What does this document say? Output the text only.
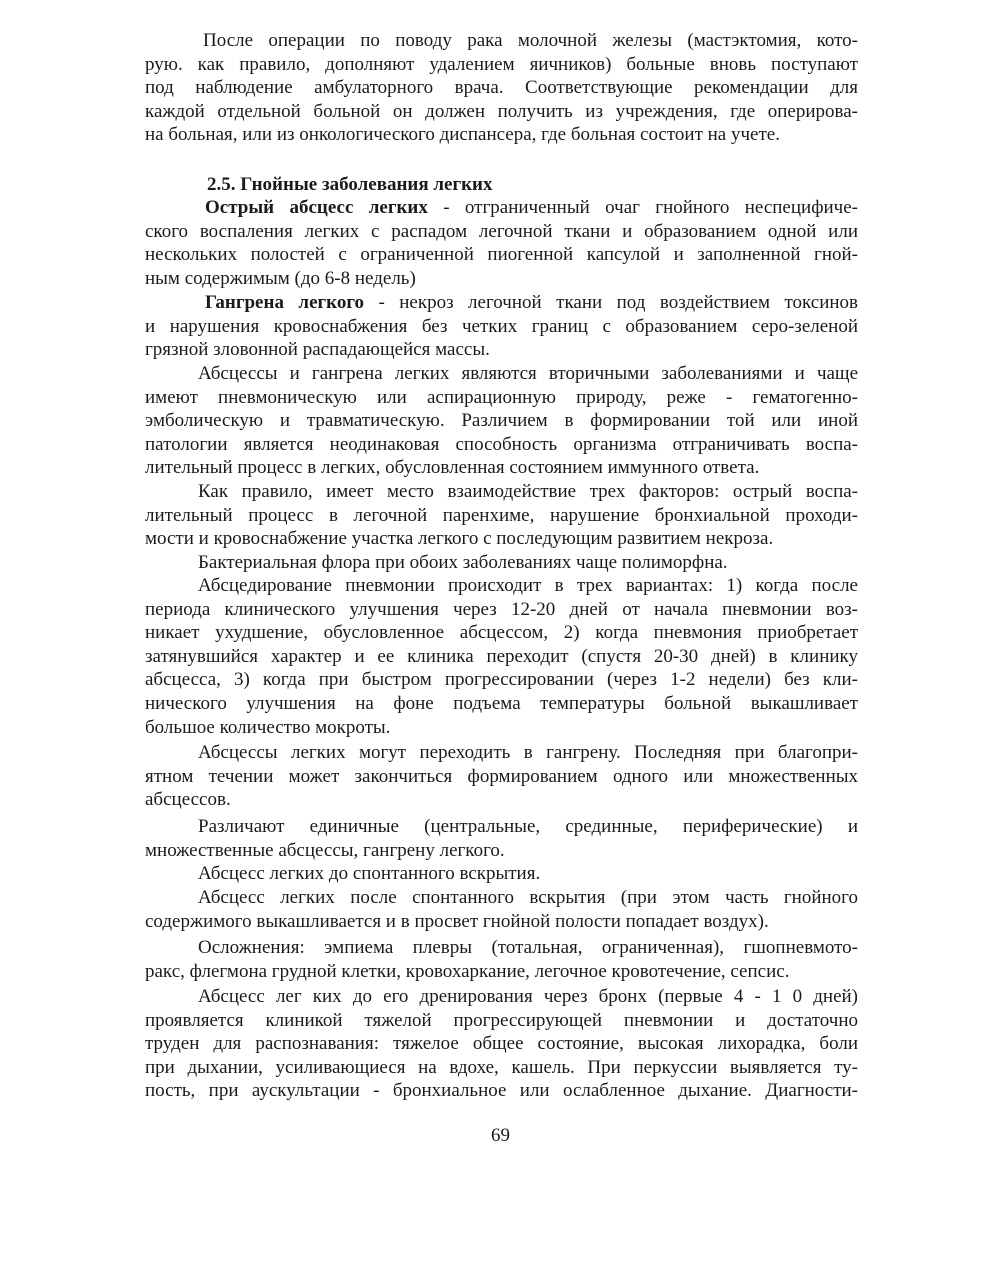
После операции по поводу рака молочной железы (мастэктомия, кото-
рую. как правило, дополняют удалением яичников) больные вновь поступают
под наблюдение амбулаторного врача. Соответствующие рекомендации для
каждой отдельной больной он должен получить из учреждения, где оперирова-
на больная, или из онкологического диспансера, где больная состоит на учете.
2.5. Гнойные заболевания легких
Острый абсцесс легких - отграниченный очаг гнойного неспецифиче-
ского воспаления легких с распадом легочной ткани и образованием одной или
нескольких полостей с ограниченной пиогенной капсулой и заполненной гной-
ным содержимым (до 6-8 недель)
Гангрена легкого - некроз легочной ткани под воздействием токсинов
и нарушения кровоснабжения без четких границ с образованием серо-зеленой
грязной зловонной распадающейся массы.
Абсцессы и гангрена легких являются вторичными заболеваниями и чаще
имеют пневмоническую или аспирационную природу, реже - гематогенно-
эмболическую и травматическую. Различием в формировании той или иной
патологии является неодинаковая способность организма отграничивать воспа-
лительный процесс в легких, обусловленная состоянием иммунного ответа.
Как правило, имеет место взаимодействие трех факторов: острый воспа-
лительный процесс в легочной паренхиме, нарушение бронхиальной проходи-
мости и кровоснабжение участка легкого с последующим развитием некроза.
Бактериальная флора при обоих заболеваниях чаще полиморфна.
Абсцедирование пневмонии происходит в трех вариантах: 1) когда после
периода клинического улучшения через 12-20 дней от начала пневмонии воз-
никает ухудшение, обусловленное абсцессом, 2) когда пневмония приобретает
затянувшийся характер и ее клиника переходит (спустя 20-30 дней) в клинику
абсцесса, 3) когда при быстром прогрессировании (через 1-2 недели) без кли-
нического улучшения на фоне подъема температуры больной выкашливает
большое количество мокроты.
Абсцессы легких могут переходить в гангрену. Последняя при благопри-
ятном течении может закончиться формированием одного или множественных
абсцессов.
Различают единичные (центральные, срединные, периферические) и
множественные абсцессы, гангрену легкого.
Абсцесс легких до спонтанного вскрытия.
Абсцесс легких после спонтанного вскрытия (при этом часть гнойного
содержимого выкашливается и в просвет гнойной полости попадает воздух).
Осложнения: эмпиема плевры (тотальная, ограниченная), гшопневмото-
ракс, флегмона грудной клетки, кровохаркание, легочное кровотечение, сепсис.
Абсцесс лег ких до его дренирования через бронх (первые 4 - 1 0 дней)
проявляется клиникой тяжелой прогрессирующей пневмонии и достаточно
труден для распознавания: тяжелое общее состояние, высокая лихорадка, боли
при дыхании, усиливающиеся на вдохе, кашель. При перкуссии выявляется ту-
пость, при аускультации - бронхиальное или ослабленное дыхание. Диагности-
69
